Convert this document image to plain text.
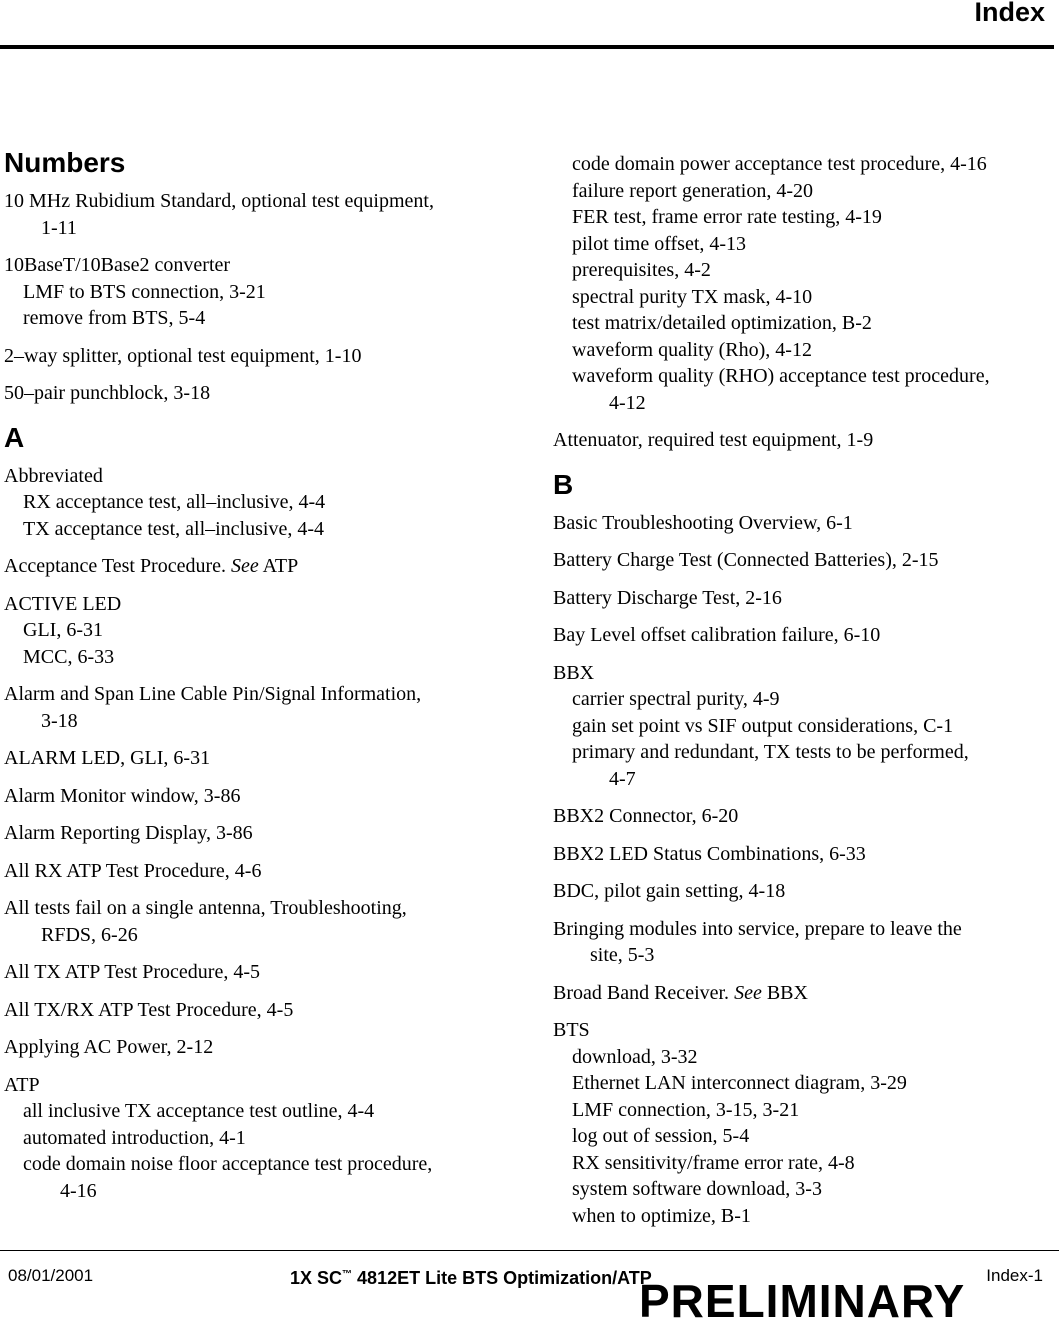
Index
Numbers
10 MHz Rubidium Standard, optional test equipment,
1-11
10BaseT/10Base2 converter
LMF to BTS connection, 3-21
remove from BTS, 5-4
2–way splitter, optional test equipment, 1-10
50–pair punchblock, 3-18
A
Abbreviated
RX acceptance test, all–inclusive, 4-4
TX acceptance test, all–inclusive, 4-4
Acceptance Test Procedure. See ATP
ACTIVE LED
GLI, 6-31
MCC, 6-33
Alarm and Span Line Cable Pin/Signal Information,
3-18
ALARM LED, GLI, 6-31
Alarm Monitor window, 3-86
Alarm Reporting Display, 3-86
All RX ATP Test Procedure, 4-6
All tests fail on a single antenna, Troubleshooting,
RFDS, 6-26
All TX ATP Test Procedure, 4-5
All TX/RX ATP Test Procedure, 4-5
Applying AC Power, 2-12
ATP
all inclusive TX acceptance test outline, 4-4
automated introduction, 4-1
code domain noise floor acceptance test procedure,
4-16
code domain power acceptance test procedure, 4-16
failure report generation, 4-20
FER test, frame error rate testing, 4-19
pilot time offset, 4-13
prerequisites, 4-2
spectral purity TX mask, 4-10
test matrix/detailed optimization, B-2
waveform quality (Rho), 4-12
waveform quality (RHO) acceptance test procedure,
4-12
Attenuator, required test equipment, 1-9
B
Basic Troubleshooting Overview, 6-1
Battery Charge Test (Connected Batteries), 2-15
Battery Discharge Test, 2-16
Bay Level offset calibration failure, 6-10
BBX
carrier spectral purity, 4-9
gain set point vs SIF output considerations, C-1
primary and redundant, TX tests to be performed,
4-7
BBX2 Connector, 6-20
BBX2 LED Status Combinations, 6-33
BDC, pilot gain setting, 4-18
Bringing modules into service, prepare to leave the
site, 5-3
Broad Band Receiver. See BBX
BTS
download, 3-32
Ethernet LAN interconnect diagram, 3-29
LMF connection, 3-15, 3-21
log out of session, 5-4
RX sensitivity/frame error rate, 4-8
system software download, 3-3
when to optimize, B-1
08/01/2001	1X SC™ 4812ET Lite BTS Optimization/ATP	Index-1
PRELIMINARY
